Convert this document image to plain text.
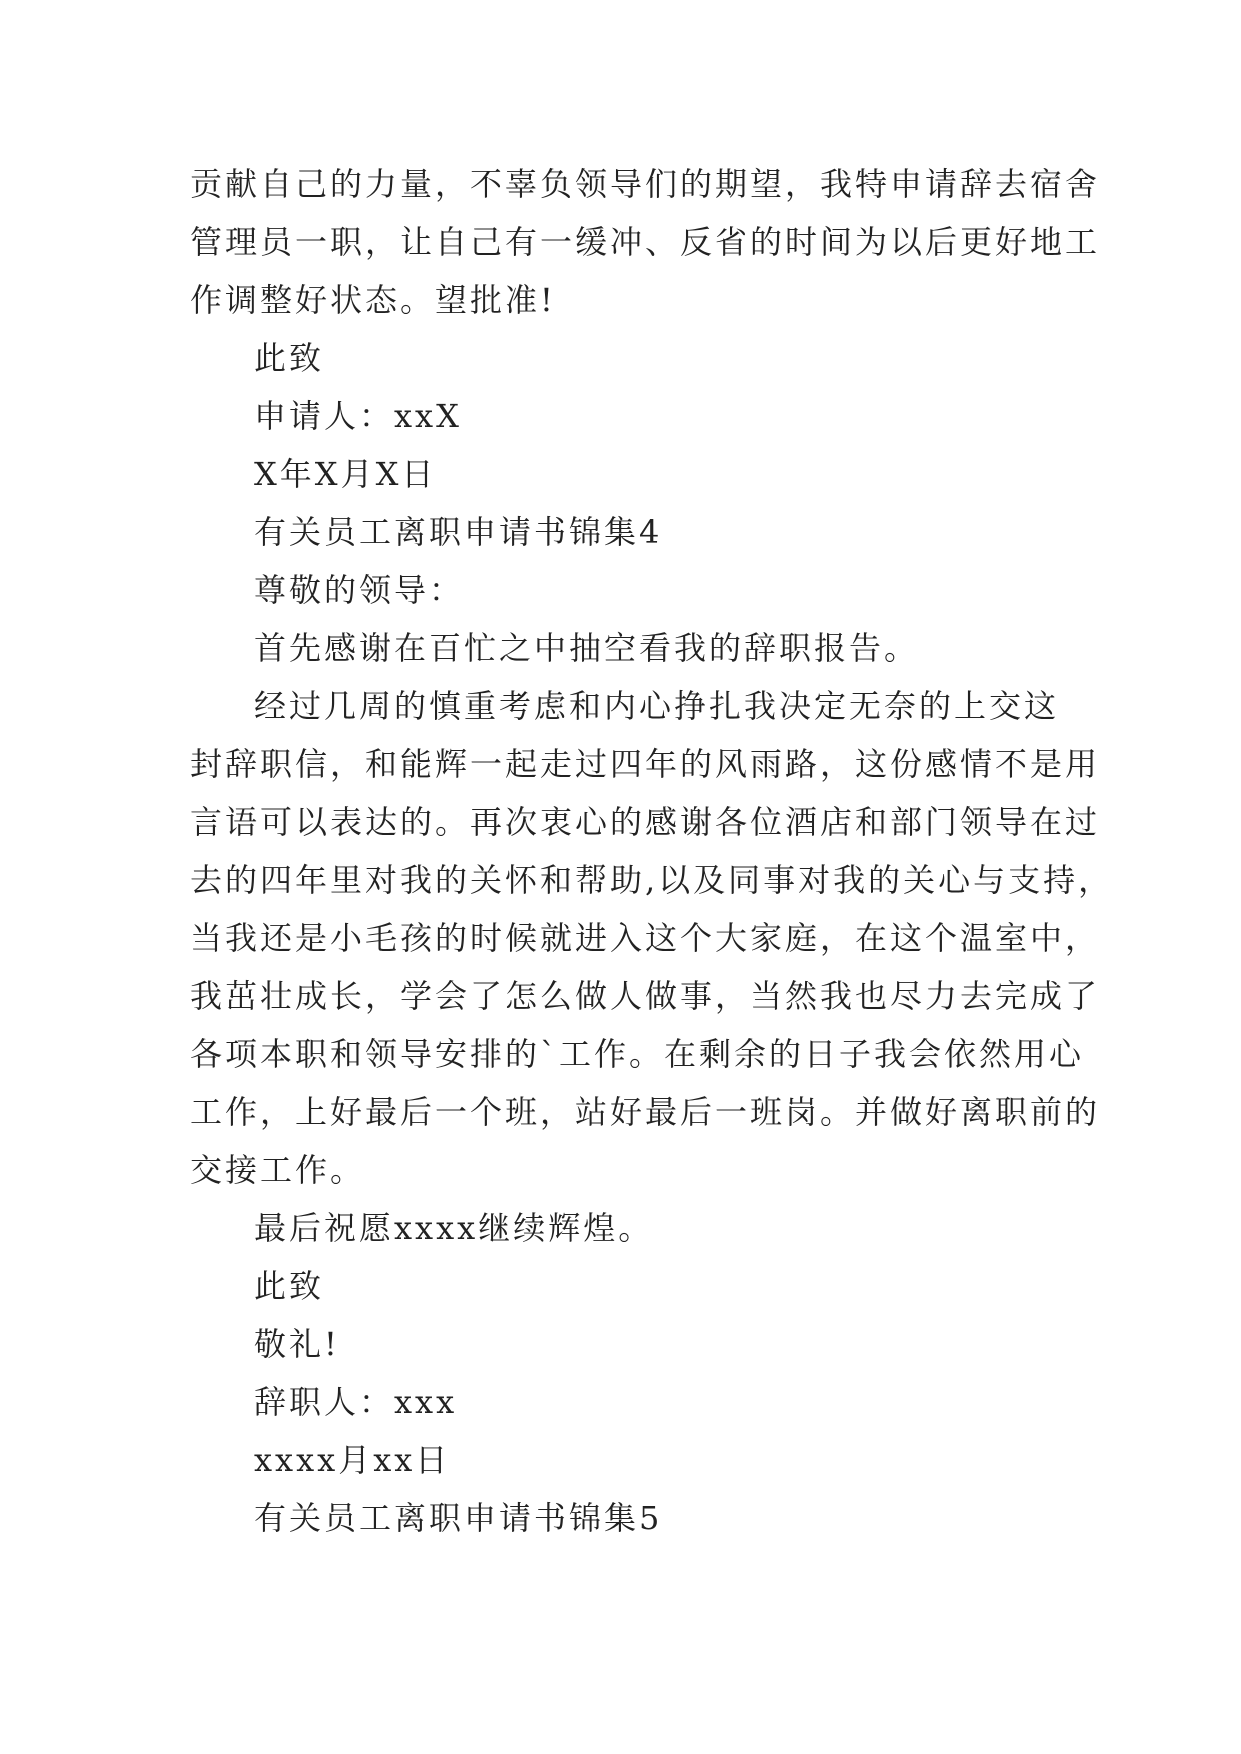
贡献自己的力量，不辜负领导们的期望，我特申请辞去宿舍
管理员一职，让自己有一缓冲、反省的时间为以后更好地工
作调整好状态。望批准!
此致
申请人：xxX
X年X月X日
有关员工离职申请书锦集4
尊敬的领导：
首先感谢在百忙之中抽空看我的辞职报告。
经过几周的慎重考虑和内心挣扎我决定无奈的上交这
封辞职信，和能辉一起走过四年的风雨路，这份感情不是用
言语可以表达的。再次衷心的感谢各位酒店和部门领导在过
去的四年里对我的关怀和帮助,以及同事对我的关心与支持，
当我还是小毛孩的时候就进入这个大家庭，在这个温室中，
我茁壮成长，学会了怎么做人做事，当然我也尽力去完成了
各项本职和领导安排的`工作。在剩余的日子我会依然用心
工作，上好最后一个班，站好最后一班岗。并做好离职前的
交接工作。
最后祝愿xxxx继续辉煌。
此致
敬礼!
辞职人：xxx
xxxx月xx日
有关员工离职申请书锦集5
